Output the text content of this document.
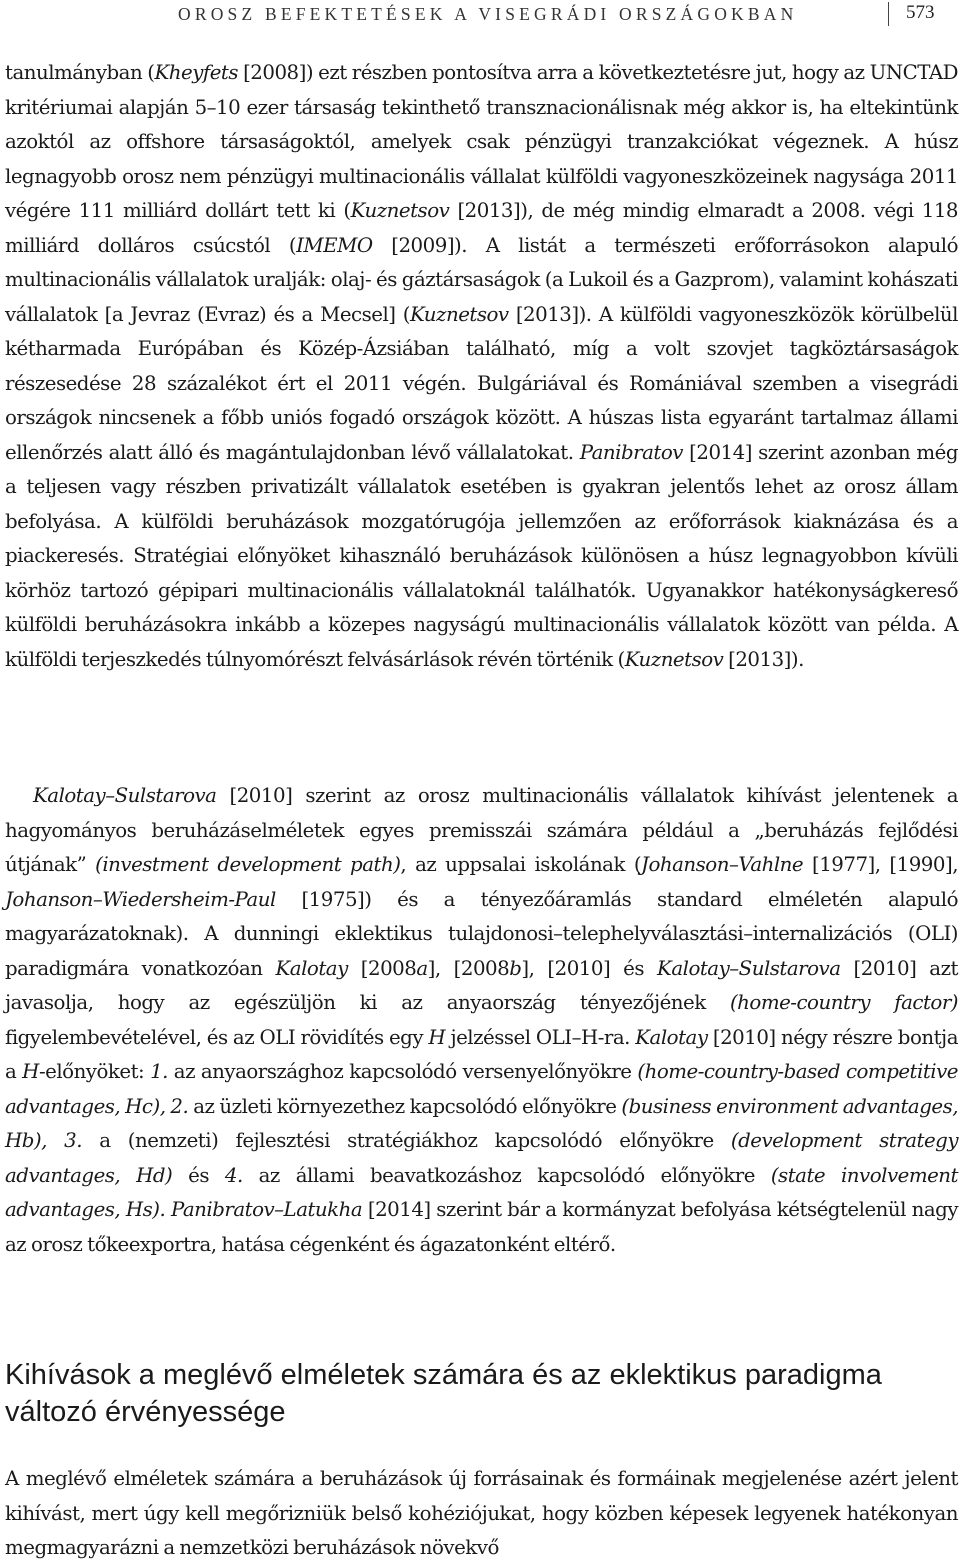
OROSZ BEFEKTETÉSEK A VISEGRÁDI ORSZÁGOKBAN	573

tanulmányban (Kheyfets [2008]) ezt részben pontosítva arra a következtetésre jut, hogy az UNCTAD kritériumai alapján 5–10 ezer társaság tekinthető transznacionálisnak még akkor is, ha eltekintünk azoktól az offshore társaságoktól, amelyek csak pénzügyi tranzakciókat végeznek. A húsz legnagyobb orosz nem pénzügyi multinacionális vállalat külföldi vagyoneszközeinek nagysága 2011 végére 111 milliárd dollárt tett ki (Kuznetsov [2013]), de még mindig elmaradt a 2008. végi 118 milliárd dolláros csúcstól (IMEMO [2009]). A listát a természeti erőforrásokon alapuló multinacionális vállalatok uralják: olaj- és gáztársaságok (a Lukoil és a Gazprom), valamint kohászati vállalatok [a Jevraz (Evraz) és a Mecsel] (Kuznetsov [2013]). A külföldi vagyoneszközök körülbelül kétharmada Európában és Közép-Ázsiában található, míg a volt szovjet tagköztársaságok részesedése 28 százalékot ért el 2011 végén. Bulgáriával és Romániával szemben a visegrádi országok nincsenek a főbb uniós fogadó országok között. A húszas lista egyaránt tartalmaz állami ellenőrzés alatt álló és magántulajdonban lévő vállalatokat. Panibratov [2014] szerint azonban még a teljesen vagy részben privatizált vállalatok esetében is gyakran jelentős lehet az orosz állam befolyása. A külföldi beruházások mozgatórugója jellemzően az erőforrások kiaknázása és a piackeresés. Stratégiai előnyöket kihasználó beruházások különösen a húsz legnagyobbon kívüli körhöz tartozó gépipari multinacionális vállalatoknál találhatók. Ugyanakkor hatékonyságkereső külföldi beruházásokra inkább a közepes nagyságú multinacionális vállalatok között van példa. A külföldi terjeszkedés túlnyomórészt felvásárlások révén történik (Kuznetsov [2013]).

Kalotay–Sulstarova [2010] szerint az orosz multinacionális vállalatok kihívást jelentenek a hagyományos beruházáselméletek egyes premisszái számára például a „beruházás fejlődési útjának” (investment development path), az uppsalai iskolának (Johanson–Vahlne [1977], [1990], Johanson–Wiedersheim-Paul [1975]) és a tényezőáramlás standard elméletén alapuló magyarázatoknak). A dunningi eklektikus tulajdonosi–telephelyválasztási–internalizációs (OLI) paradigmára vonatkozóan Kalotay [2008a], [2008b], [2010] és Kalotay–Sulstarova [2010] azt javasolja, hogy az egészüljön ki az anyaország tényezőjének (home-country factor) figyelembevételével, és az OLI rövidítés egy H jelzéssel OLI–H-ra. Kalotay [2010] négy részre bontja a H-előnyöket: 1. az anyaországhoz kapcsolódó versenyelőnyökre (home-country-based competitive advantages, Hc), 2. az üzleti környezethez kapcsolódó előnyökre (business environment advantages, Hb), 3. a (nemzeti) fejlesztési stratégiákhoz kapcsolódó előnyökre (development strategy advantages, Hd) és 4. az állami beavatkozáshoz kapcsolódó előnyökre (state involvement advantages, Hs). Panibratov–Latukha [2014] szerint bár a kormányzat befolyása kétségtelenül nagy az orosz tőkeexportra, hatása cégenként és ágazatonként eltérő.

Kihívások a meglévő elméletek számára és az eklektikus paradigma változó érvényessége

A meglévő elméletek számára a beruházások új forrásainak és formáinak megjelenése azért jelent kihívást, mert úgy kell megőrizniük belső kohéziójukat, hogy közben képesek legyenek hatékonyan megmagyarázni a nemzetközi beruházások növekvő
